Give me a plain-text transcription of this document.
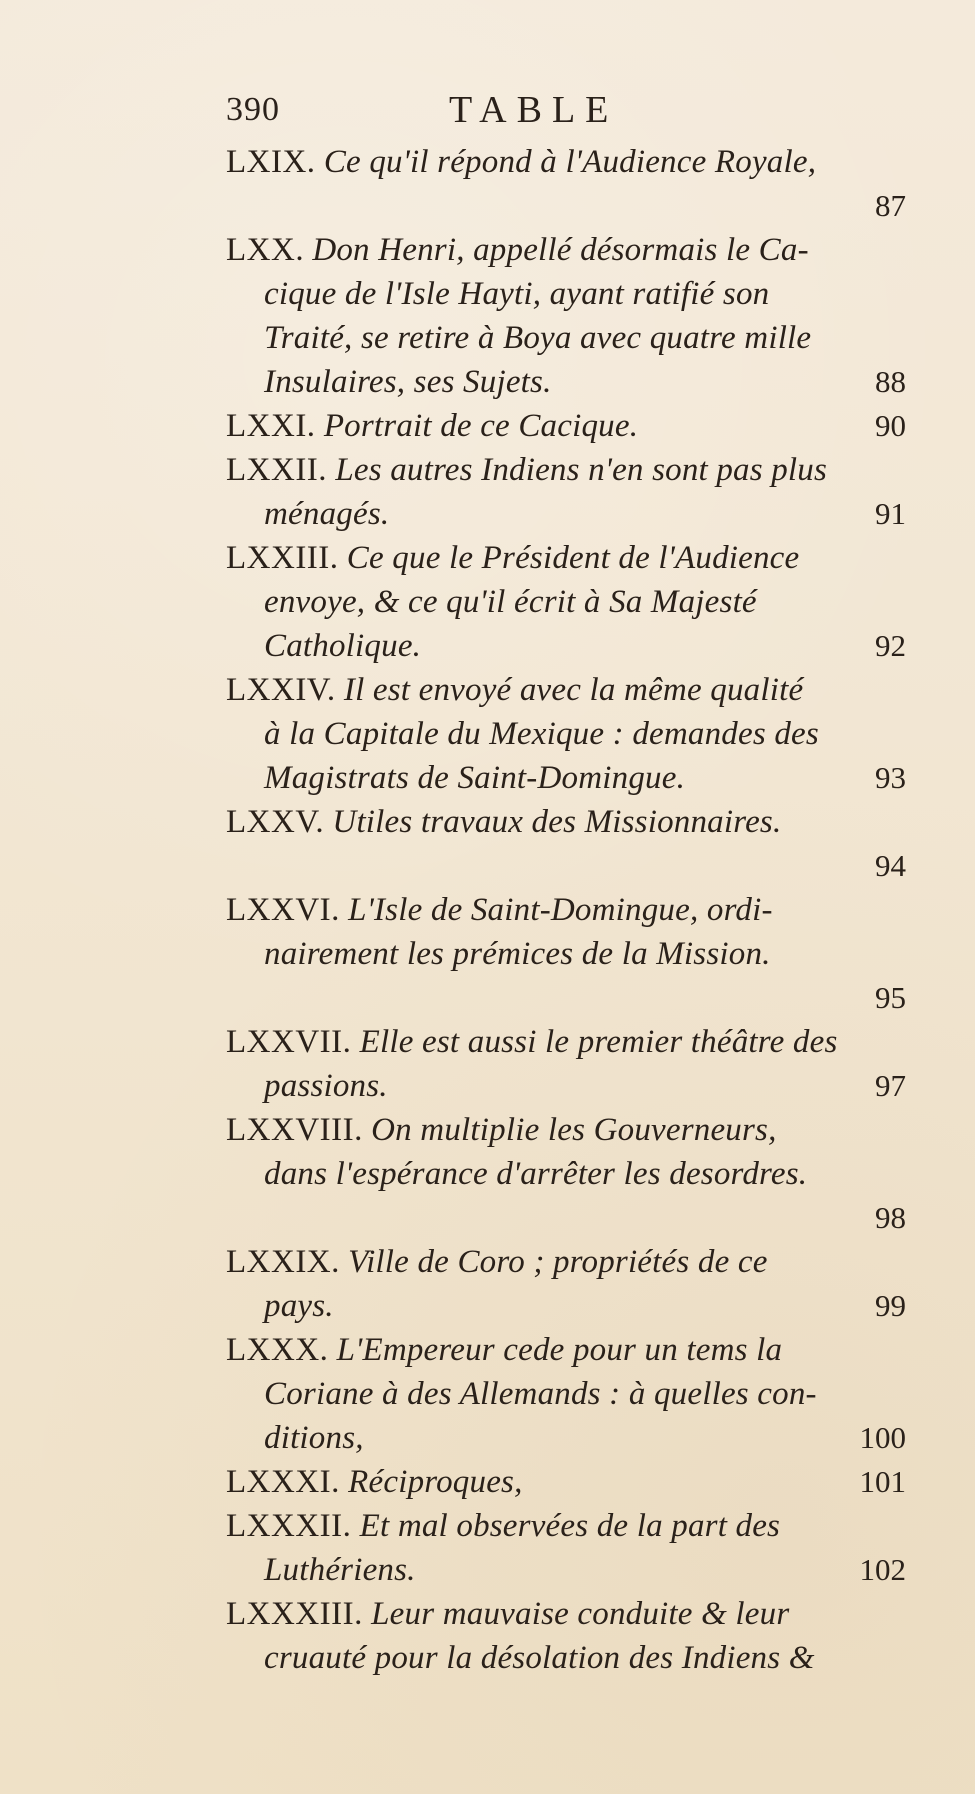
390	TABLE
LXIX. Ce qu'il répond à l'Audience Royale,
87
LXX. Don Henri, appellé désormais le Ca-
cique de l'Isle Hayti, ayant ratifié son
Traité, se retire à Boya avec quatre mille
Insulaires, ses Sujets.	88
LXXI. Portrait de ce Cacique.	90
LXXII. Les autres Indiens n'en sont pas plus
ménagés.	91
LXXIII. Ce que le Président de l'Audience
envoye, & ce qu'il écrit à Sa Majesté
Catholique.	92
LXXIV. Il est envoyé avec la même qualité
à la Capitale du Mexique : demandes des
Magistrats de Saint-Domingue.	93
LXXV. Utiles travaux des Missionnaires.
94
LXXVI. L'Isle de Saint-Domingue, ordi-
nairement les prémices de la Mission.
95
LXXVII. Elle est aussi le premier théâtre des
passions.	97
LXXVIII. On multiplie les Gouverneurs,
dans l'espérance d'arrêter les desordres.
98
LXXIX. Ville de Coro ; propriétés de ce
pays.	99
LXXX. L'Empereur cede pour un tems la
Coriane à des Allemands : à quelles con-
ditions,	100
LXXXI. Réciproques,	101
LXXXII. Et mal observées de la part des
Luthériens.	102
LXXXIII. Leur mauvaise conduite & leur
cruauté pour la désolation des Indiens &
